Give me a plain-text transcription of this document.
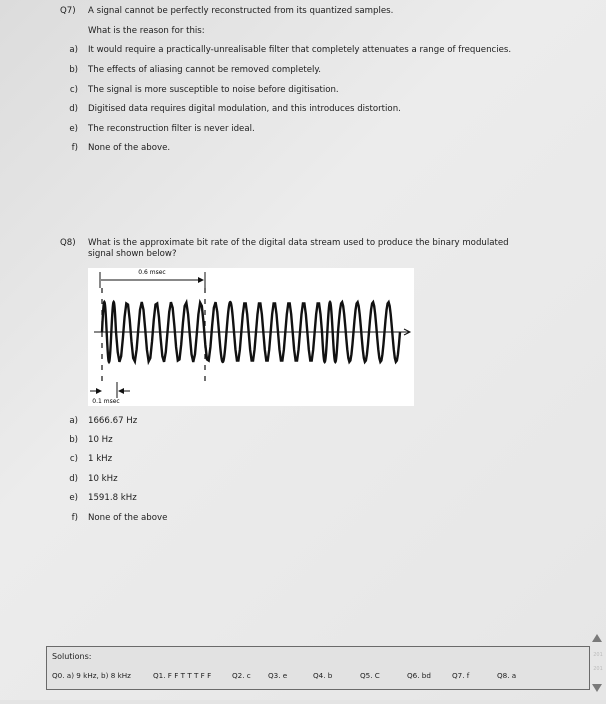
Q7) A signal cannot be perfectly reconstructed from its quantized samples.
What is the reason for this:
a) It would require a practically-unrealisable filter that completely attenuates a range of frequencies.
b) The effects of aliasing cannot be removed completely.
c) The signal is more susceptible to noise before digitisation.
d) Digitised data requires digital modulation, and this introduces distortion.
e) The reconstruction filter is never ideal.
f) None of the above.
Q8) What is the approximate bit rate of the digital data stream used to produce the binary modulated
signal shown below?
0.6 msec
0.1 msec
a) 1666.67 Hz
b) 10 Hz
c) 1 kHz
d) 10 kHz
e) 1591.8 kHz
f) None of the above
Solutions:
Q0. a) 9 kHz, b) 8 kHz	Q1. F F T T T F F	Q2. c Q3. e	Q4. b	Q5. C	Q6. bd	Q7. f	Q8. a
201
201
